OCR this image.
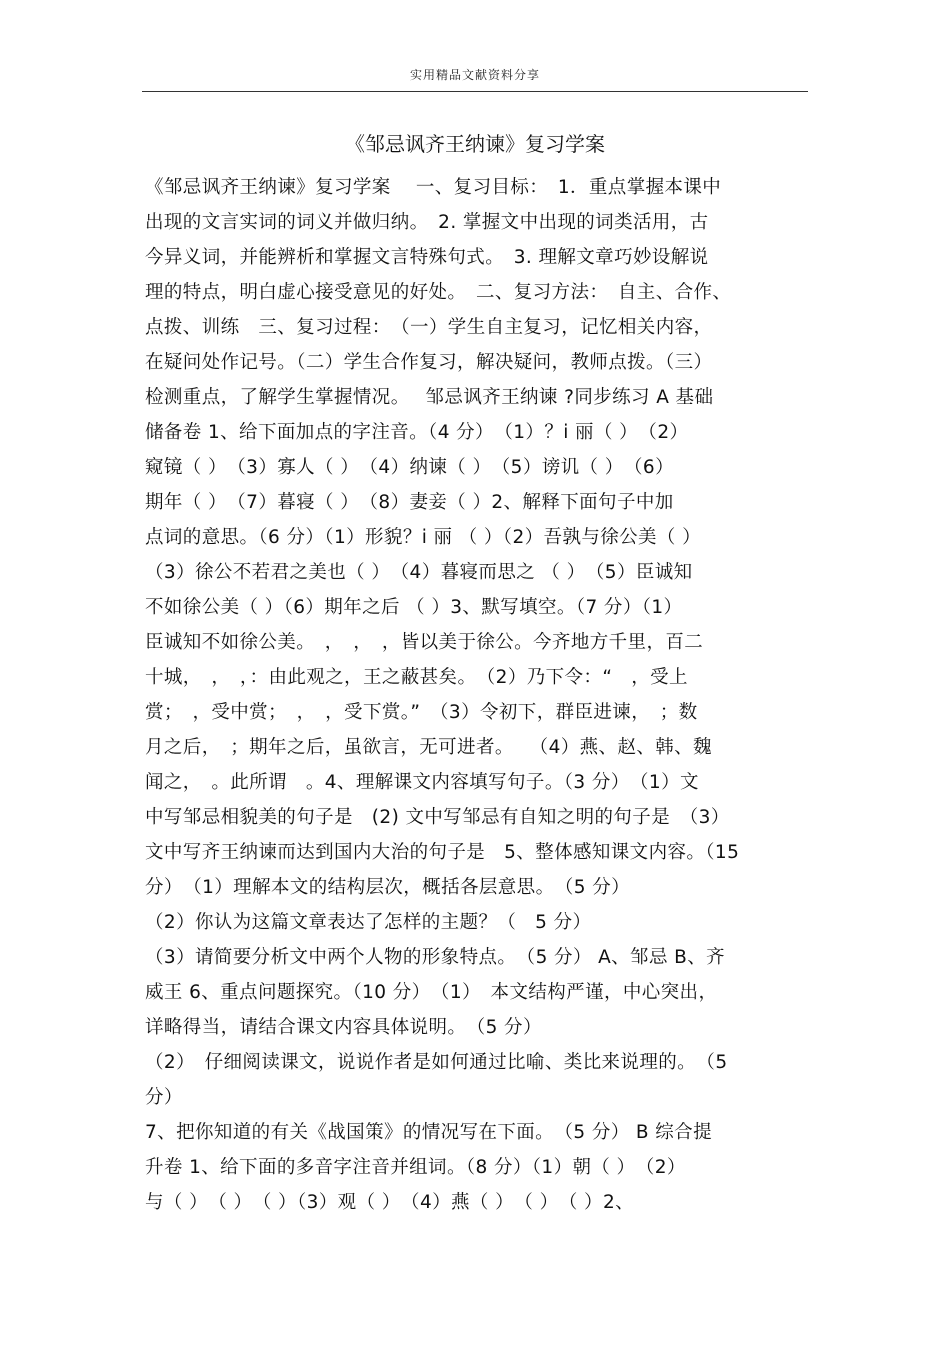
实用精品文献资料分享
《邹忌讽齐王纳谏》复习学案
《邹忌讽齐王纳谏》复习学案　 一、复习目标：　1．重点掌握本课中
出现的文言实词的词义并做归纳。　2. 掌握文中出现的词类活用，古
今异义词，并能辨析和掌握文言特殊句式。　3. 理解文章巧妙设解说
理的特点，明白虚心接受意见的好处。　二、复习方法：　自主、合作、
点拨、训练　三、复习过程：　（一）学生自主复习，记忆相关内容，
在疑问处作记号。（二）学生合作复习，解决疑问，教师点拨。（三）
检测重点，了解学生掌握情况。　 邹忌讽齐王纳谏 ?同步练习 A 基础
储备卷 1、给下面加点的字注音。（4 分）　（1）？i 丽（ ）　（2）
窥镜（ ）　（3）寡人（ ）　（4）纳谏（ ）　（5）谤讥（ ）　（6）
期年（ ）　（7）暮寝（ ）　（8）妻妾（ ）2、解释下面句子中加
点词的意思。（6 分）（1）形貌？i 丽 （ ）（2）吾孰与徐公美（ ）
（3）徐公不若君之美也（ ）　（4）暮寝而思之 （ ）　（5）臣诚知
不如徐公美（ ）（6）期年之后 （ ）3、默写填空。（7 分）（1）
臣诚知不如徐公美。　，　，　，皆以美于徐公。今齐地方千里，百二
十城，　，　，：由此观之，王之蔽甚矣。　（2）乃下令：“　，受上
赏；　，受中赏；　，　，受下赏。”　（3）令初下，群臣进谏，　；数
月之后，　；期年之后，虽欲言，无可进者。　 （4）燕、赵、韩、魏
闻之，　。此所谓　。4、理解课文内容填写句子。（3 分）　（1）文
中写邹忌相貌美的句子是　(2) 文中写邹忌有自知之明的句子是　（3）
文中写齐王纳谏而达到国内大治的句子是　5、整体感知课文内容。（15
分）　（1）理解本文的结构层次，概括各层意思。　（5 分）
（2）你认为这篇文章表达了怎样的主题？（　5 分）
（3）请简要分析文中两个人物的形象特点。　（5 分） A、邹忌 B、齐
威王 6、重点问题探究。（10 分）　（1）　本文结构严谨，中心突出，
详略得当，请结合课文内容具体说明。　（5 分）
（2）　仔细阅读课文，说说作者是如何通过比喻、类比来说理的。　（5
分）
7、把你知道的有关《战国策》的情况写在下面。　（5 分） B 综合提
升卷 1、给下面的多音字注音并组词。（8 分）（1）朝（ ）　（2）
与（ ）　（ ）　（ ）（3）观（ ）　（4）燕（ ）　（ ）　（ ）2、
